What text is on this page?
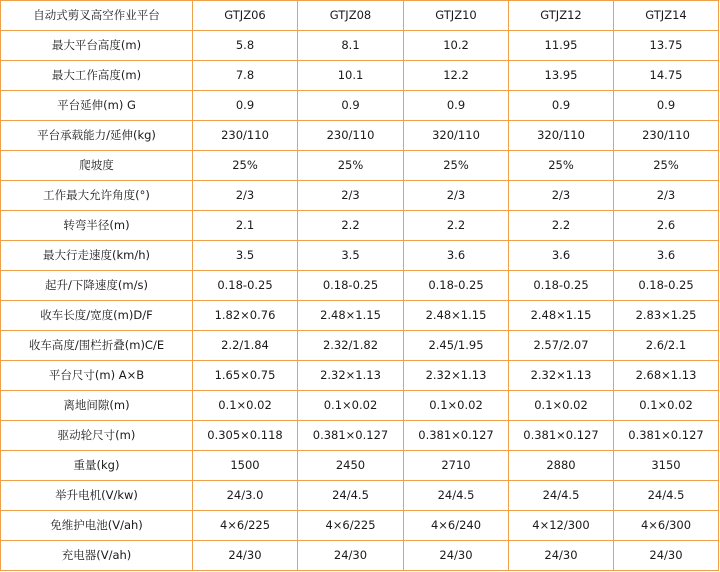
自动式剪叉高空作业平台	GTJZ06	GTJZ08	GTJZ10	GTJZ12	GTJZ14
最大平台高度(m)	5.8	8.1	10.2	11.95	13.75
最大工作高度(m)	7.8	10.1	12.2	13.95	14.75
平台延伸(m) G	0.9	0.9	0.9	0.9	0.9
平台承载能力/延伸(kg)	230/110	230/110	320/110	320/110	230/110
爬坡度	25%	25%	25%	25%	25%
工作最大允许角度(°)	2/3	2/3	2/3	2/3	2/3
转弯半径(m)	2.1	2.2	2.2	2.2	2.6
最大行走速度(km/h)	3.5	3.5	3.6	3.6	3.6
起升/下降速度(m/s)	0.18-0.25	0.18-0.25	0.18-0.25	0.18-0.25	0.18-0.25
收车长度/宽度(m)D/F	1.82×0.76	2.48×1.15	2.48×1.15	2.48×1.15	2.83×1.25
收车高度/围栏折叠(m)C/E	2.2/1.84	2.32/1.82	2.45/1.95	2.57/2.07	2.6/2.1
平台尺寸(m) A×B	1.65×0.75	2.32×1.13	2.32×1.13	2.32×1.13	2.68×1.13
离地间隙(m)	0.1×0.02	0.1×0.02	0.1×0.02	0.1×0.02	0.1×0.02
驱动轮尺寸(m)	0.305×0.118	0.381×0.127	0.381×0.127	0.381×0.127	0.381×0.127
重量(kg)	1500	2450	2710	2880	3150
举升电机(V/kw)	24/3.0	24/4.5	24/4.5	24/4.5	24/4.5
免维护电池(V/ah)	4×6/225	4×6/225	4×6/240	4×12/300	4×6/300
充电器(V/ah)	24/30	24/30	24/30	24/30	24/30
